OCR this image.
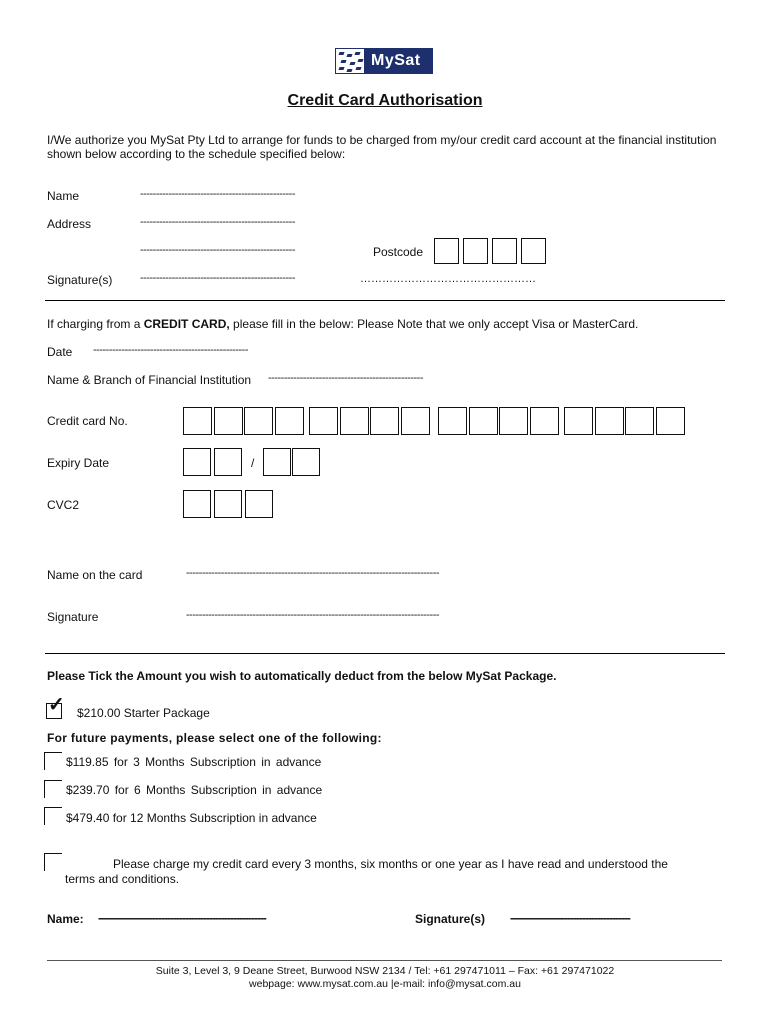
MySat
Credit Card Authorisation
I/We authorize you MySat Pty Ltd to arrange for funds to be charged from my/our credit card account at the financial institution shown below according to the schedule specified below:
Name	-------------------------------------------------
Address	-------------------------------------------------
-------------------------------------------------	Postcode
Signature(s)	-------------------------------------------------	…………………………………………
If charging from a CREDIT CARD, please fill in the below: Please Note that we only accept Visa or MasterCard.
Date -------------------------------------------------
Name & Branch of Financial Institution -------------------------------------------------
Credit card No.
Expiry Date	/
CVC2
Name on the card	--------------------------------------------------------------------------------
Signature	--------------------------------------------------------------------------------
Please Tick the Amount you wish to automatically deduct from the below MySat Package.
✓ $210.00 Starter Package
For future payments, please select one of the following:
$119.85 for 3 Months Subscription in advance
$239.70 for 6 Months Subscription in advance
$479.40 for 12 Months Subscription in advance
Please charge my credit card every 3 months, six months or one year as I have read and understood the
terms and conditions.
Name: --------------------------------------------------------	Signature(s) ----------------------------------------
Suite 3, Level 3, 9 Deane Street, Burwood NSW 2134 / Tel: +61 297471011 – Fax: +61 297471022
webpage: www.mysat.com.au |e-mail: info@mysat.com.au
